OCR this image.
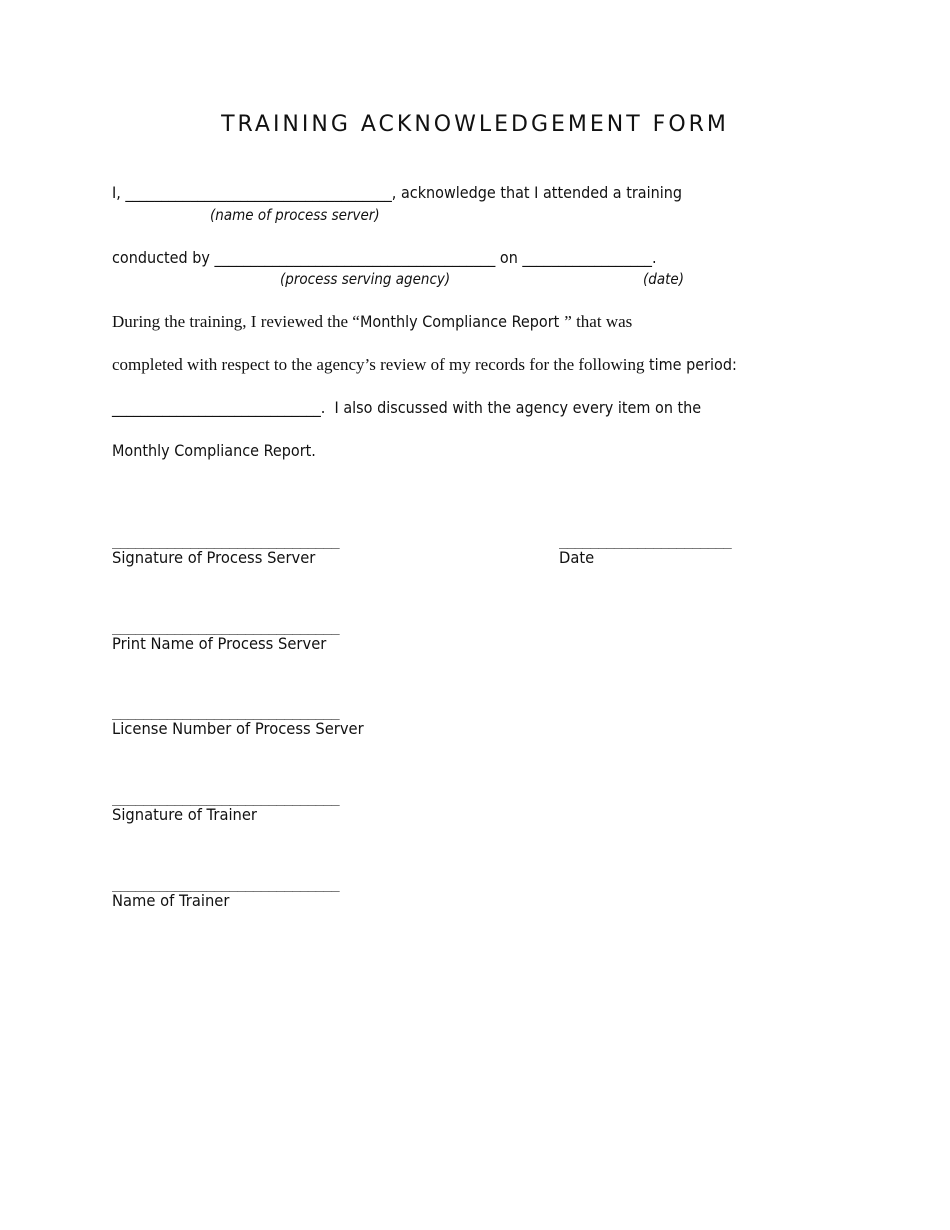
TRAINING ACKNOWLEDGEMENT FORM
I, _____________________________________, acknowledge that I attended a training
(name of process server)
conducted by _______________________________________ on __________________.
(process serving agency)	(date)
During the training, I reviewed the “Monthly Compliance Report ” that was
completed with respect to the agency’s review of my records for the following time period:
_____________________________.  I also discussed with the agency every item on the
Monthly Compliance Report.
_____________________________
Signature of Process Server
______________________
Date
_____________________________
Print Name of Process Server
_____________________________
License Number of Process Server
_____________________________
Signature of Trainer
_____________________________
Name of Trainer
